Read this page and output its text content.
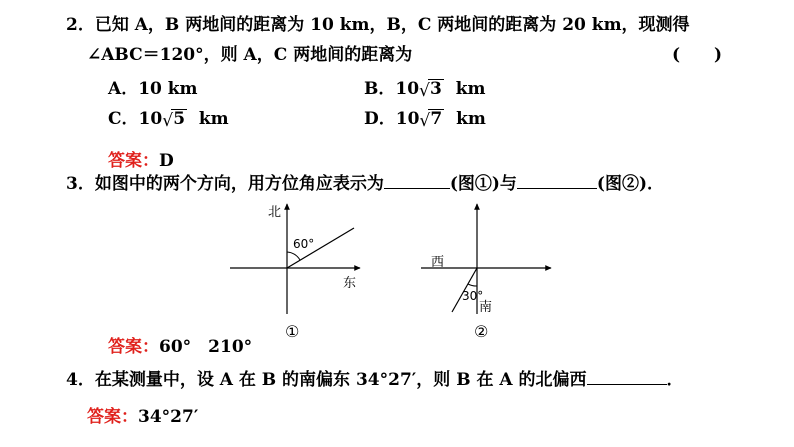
2．已知 A，B 两地间的距离为 10 km，B，C 两地间的距离为 20 km，现测得
∠ABC＝120°，则 A，C 两地间的距离为	(　　)
A．10 km	B．10 √ 3 km
C．10 √ 5 km	D．10 √ 7 km
答案：D
3．如图中的两个方向，用方位角应表示为	(图①)与	(图②)．
北
60°
东
①
西
30°
南
②
答案：60°　210°
4．在某测量中，设 A 在 B 的南偏东 34°27′，则 B 在 A 的北偏西	．
答案：34°27′
